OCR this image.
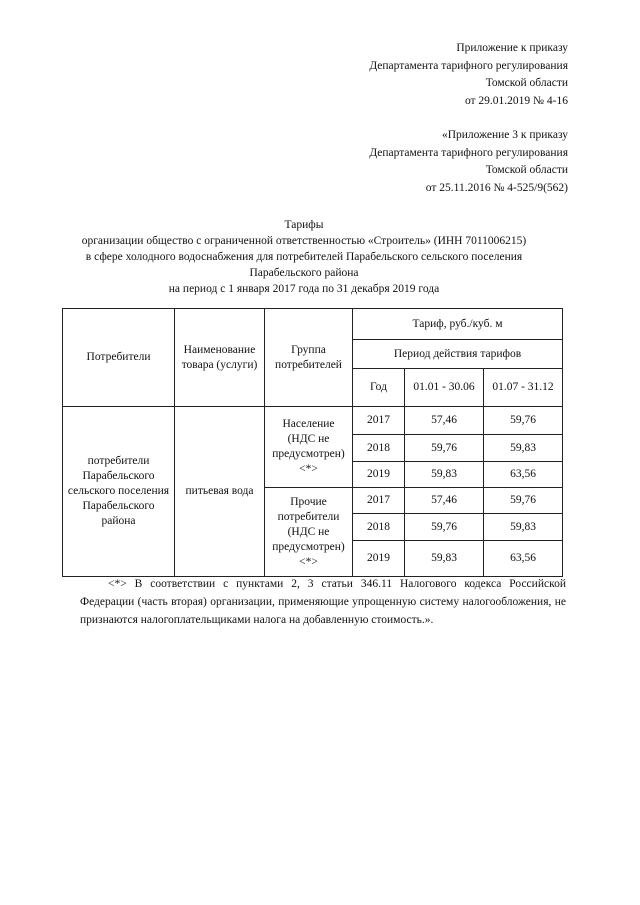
Приложение к приказу
Департамента тарифного регулирования
Томской области
от 29.01.2019 № 4-16
«Приложение 3 к приказу
Департамента тарифного регулирования
Томской области
от 25.11.2016 № 4-525/9(562)
Тарифы
организации общество с ограниченной ответственностью «Строитель» (ИНН 7011006215)
в сфере холодного водоснабжения для потребителей Парабельского сельского поселения
Парабельского района
на период с 1 января 2017 года по 31 декабря 2019 года
Потребители	Наименование товара (услуги)	Группа потребителей	Тариф, руб./куб. м		
			Период действия тарифов		
			Год	01.01 - 30.06	01.07 - 31.12
потребители Парабельского сельского поселения Парабельского района	питьевая вода	Население (НДС не предусмотрен) <*>	2017	57,46	59,76
			2018	59,76	59,83
			2019	59,83	63,56
		Прочие потребители (НДС не предусмотрен) <*>	2017	57,46	59,76
			2018	59,76	59,83
			2019	59,83	63,56

<*> В соответствии с пунктами 2, 3 статьи 346.11 Налогового кодекса Российской Федерации (часть вторая) организации, применяющие упрощенную систему налогообложения, не признаются налогоплательщиками налога на добавленную стоимость.».
